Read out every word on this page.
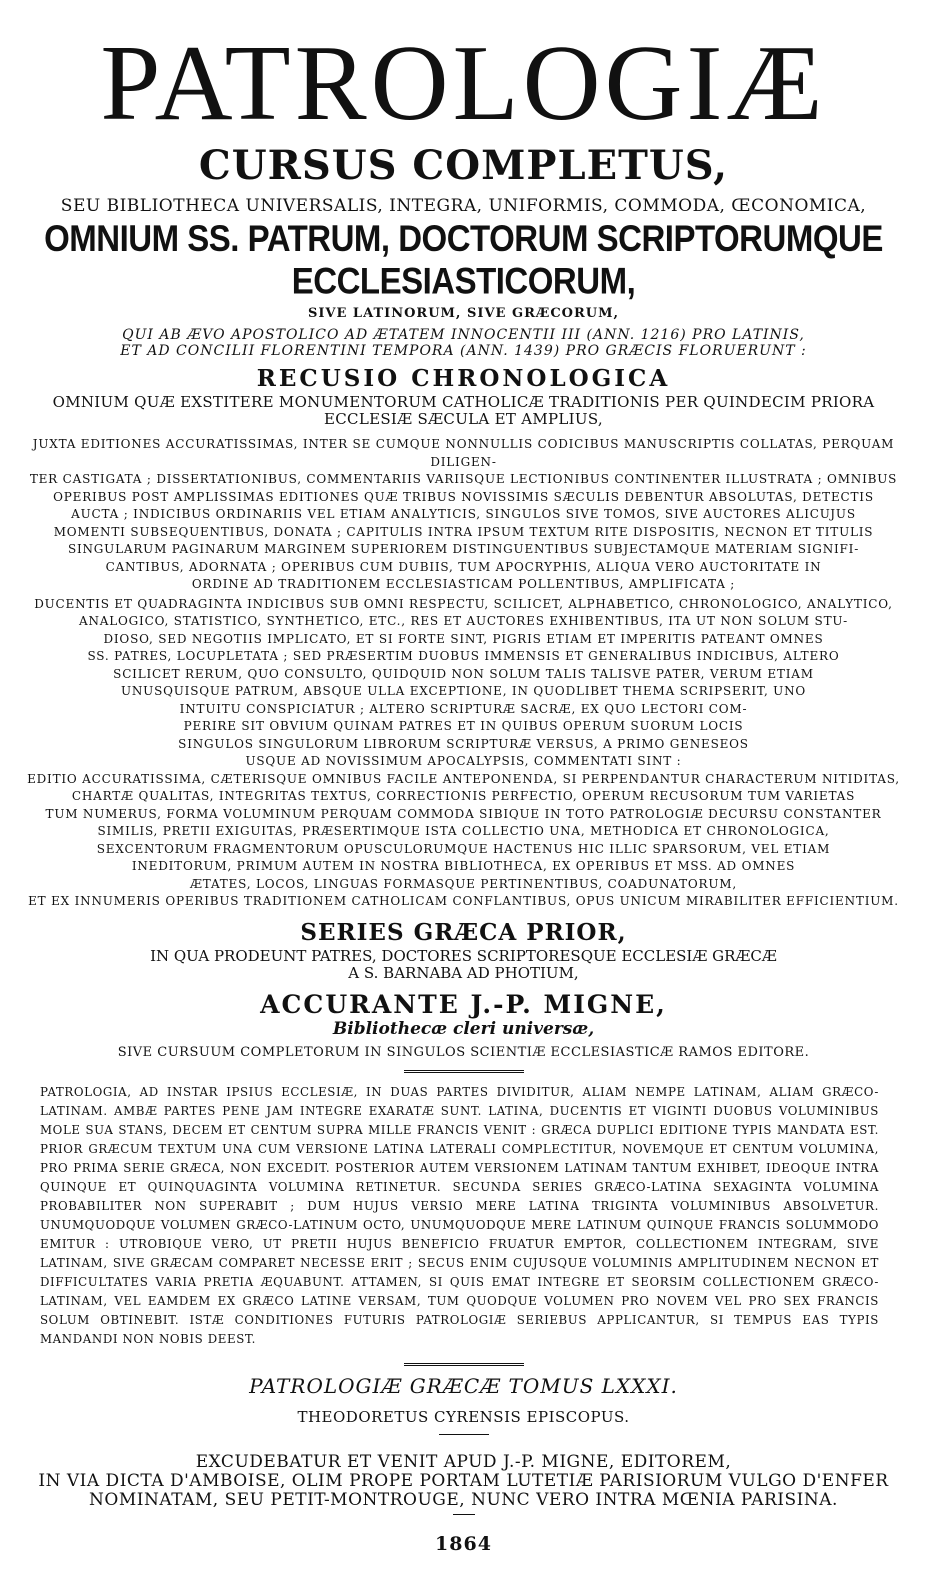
PATROLOGIÆ

CURSUS COMPLETUS,

SEU BIBLIOTHECA UNIVERSALIS, INTEGRA, UNIFORMIS, COMMODA, ŒCONOMICA,

OMNIUM SS. PATRUM, DOCTORUM SCRIPTORUMQUE ECCLESIASTICORUM,

SIVE LATINORUM, SIVE GRÆCORUM,

QUI AB ÆVO APOSTOLICO AD ÆTATEM INNOCENTII III (ANN. 1216) PRO LATINIS,

ET AD CONCILII FLORENTINI TEMPORA (ANN. 1439) PRO GRÆCIS FLORUERUNT :

RECUSIO CHRONOLOGICA

OMNIUM QUÆ EXSTITERE MONUMENTORUM CATHOLICÆ TRADITIONIS PER QUINDECIM PRIORA

ECCLESIÆ SÆCULA ET AMPLIUS,

JUXTA EDITIONES ACCURATISSIMAS, INTER SE CUMQUE NONNULLIS CODICIBUS MANUSCRIPTIS COLLATAS, PERQUAM DILIGEN-

TER CASTIGATA ; DISSERTATIONIBUS, COMMENTARIIS VARIISQUE LECTIONIBUS CONTINENTER ILLUSTRATA ; OMNIBUS

OPERIBUS POST AMPLISSIMAS EDITIONES QUÆ TRIBUS NOVISSIMIS SÆCULIS DEBENTUR ABSOLUTAS, DETECTIS

AUCTA ; INDICIBUS ORDINARIIS VEL ETIAM ANALYTICIS, SINGULOS SIVE TOMOS, SIVE AUCTORES ALICUJUS

MOMENTI SUBSEQUENTIBUS, DONATA ; CAPITULIS INTRA IPSUM TEXTUM RITE DISPOSITIS, NECNON ET TITULIS

SINGULARUM PAGINARUM MARGINEM SUPERIOREM DISTINGUENTIBUS SUBJECTAMQUE MATERIAM SIGNIFI-

CANTIBUS, ADORNATA ; OPERIBUS CUM DUBIIS, TUM APOCRYPHIS, ALIQUA VERO AUCTORITATE IN

ORDINE AD TRADITIONEM ECCLESIASTICAM POLLENTIBUS, AMPLIFICATA ;

DUCENTIS ET QUADRAGINTA INDICIBUS SUB OMNI RESPECTU, SCILICET, ALPHABETICO, CHRONOLOGICO, ANALYTICO,

ANALOGICO, STATISTICO, SYNTHETICO, ETC., RES ET AUCTORES EXHIBENTIBUS, ITA UT NON SOLUM STU-

DIOSO, SED NEGOTIIS IMPLICATO, ET SI FORTE SINT, PIGRIS ETIAM ET IMPERITIS PATEANT OMNES

SS. PATRES, LOCUPLETATA ; SED PRÆSERTIM DUOBUS IMMENSIS ET GENERALIBUS INDICIBUS, ALTERO

SCILICET RERUM, QUO CONSULTO, QUIDQUID NON SOLUM TALIS TALISVE PATER, VERUM ETIAM

UNUSQUISQUE PATRUM, ABSQUE ULLA EXCEPTIONE, IN QUODLIBET THEMA SCRIPSERIT, UNO

INTUITU CONSPICIATUR ; ALTERO SCRIPTURÆ SACRÆ, EX QUO LECTORI COM-

PERIRE SIT OBVIUM QUINAM PATRES ET IN QUIBUS OPERUM SUORUM LOCIS

SINGULOS SINGULORUM LIBRORUM SCRIPTURÆ VERSUS, A PRIMO GENESEOS

USQUE AD NOVISSIMUM APOCALYPSIS, COMMENTATI SINT :

EDITIO ACCURATISSIMA, CÆTERISQUE OMNIBUS FACILE ANTEPONENDA, SI PERPENDANTUR CHARACTERUM NITIDITAS,

CHARTÆ QUALITAS, INTEGRITAS TEXTUS, CORRECTIONIS PERFECTIO, OPERUM RECUSORUM TUM VARIETAS

TUM NUMERUS, FORMA VOLUMINUM PERQUAM COMMODA SIBIQUE IN TOTO PATROLOGIÆ DECURSU CONSTANTER

SIMILIS, PRETII EXIGUITAS, PRÆSERTIMQUE ISTA COLLECTIO UNA, METHODICA ET CHRONOLOGICA,

SEXCENTORUM FRAGMENTORUM OPUSCULORUMQUE HACTENUS HIC ILLIC SPARSORUM, VEL ETIAM

INEDITORUM, PRIMUM AUTEM IN NOSTRA BIBLIOTHECA, EX OPERIBUS ET MSS. AD OMNES

ÆTATES, LOCOS, LINGUAS FORMASQUE PERTINENTIBUS, COADUNATORUM,

ET EX INNUMERIS OPERIBUS TRADITIONEM CATHOLICAM CONFLANTIBUS, OPUS UNICUM MIRABILITER EFFICIENTIUM.

SERIES GRÆCA PRIOR,

IN QUA PRODEUNT PATRES, DOCTORES SCRIPTORESQUE ECCLESIÆ GRÆCÆ

A S. BARNABA AD PHOTIUM,

ACCURANTE J.-P. MIGNE,

Bibliothecæ cleri universæ,

SIVE CURSUUM COMPLETORUM IN SINGULOS SCIENTIÆ ECCLESIASTICÆ RAMOS EDITORE.

PATROLOGIA, AD INSTAR IPSIUS ECCLESIÆ, IN DUAS PARTES DIVIDITUR, ALIAM NEMPE LATINAM, ALIAM GRÆCO-LATINAM. AMBÆ PARTES PENE JAM INTEGRE EXARATÆ SUNT. LATINA, DUCENTIS ET VIGINTI DUOBUS VOLUMINIBUS MOLE SUA STANS, DECEM ET CENTUM SUPRA MILLE FRANCIS VENIT : GRÆCA DUPLICI EDITIONE TYPIS MANDATA EST. PRIOR GRÆCUM TEXTUM UNA CUM VERSIONE LATINA LATERALI COMPLECTITUR, NOVEMQUE ET CENTUM VOLUMINA, PRO PRIMA SERIE GRÆCA, NON EXCEDIT. POSTERIOR AUTEM VERSIONEM LATINAM TANTUM EXHIBET, IDEOQUE INTRA QUINQUE ET QUINQUAGINTA VOLUMINA RETINETUR. SECUNDA SERIES GRÆCO-LATINA SEXAGINTA VOLUMINA PROBABILITER NON SUPERABIT ; DUM HUJUS VERSIO MERE LATINA TRIGINTA VOLUMINIBUS ABSOLVETUR. UNUMQUODQUE VOLUMEN GRÆCO-LATINUM OCTO, UNUMQUODQUE MERE LATINUM QUINQUE FRANCIS SOLUMMODO EMITUR : UTROBIQUE VERO, UT PRETII HUJUS BENEFICIO FRUATUR EMPTOR, COLLECTIONEM INTEGRAM, SIVE LATINAM, SIVE GRÆCAM COMPARET NECESSE ERIT ; SECUS ENIM CUJUSQUE VOLUMINIS AMPLITUDINEM NECNON ET DIFFICULTATES VARIA PRETIA ÆQUABUNT. ATTAMEN, SI QUIS EMAT INTEGRE ET SEORSIM COLLECTIONEM GRÆCO-LATINAM, VEL EAMDEM EX GRÆCO LATINE VERSAM, TUM QUODQUE VOLUMEN PRO NOVEM VEL PRO SEX FRANCIS SOLUM OBTINEBIT. ISTÆ CONDITIONES FUTURIS PATROLOGIÆ SERIEBUS APPLICANTUR, SI TEMPUS EAS TYPIS MANDANDI NON NOBIS DEEST.

PATROLOGIÆ GRÆCÆ TOMUS LXXXI.

THEODORETUS CYRENSIS EPISCOPUS.

EXCUDEBATUR ET VENIT APUD J.-P. MIGNE, EDITOREM,

IN VIA DICTA D'AMBOISE, OLIM PROPE PORTAM LUTETIÆ PARISIORUM VULGO D'ENFER

NOMINATAM, SEU PETIT-MONTROUGE, NUNC VERO INTRA MŒNIA PARISINA.

1864
